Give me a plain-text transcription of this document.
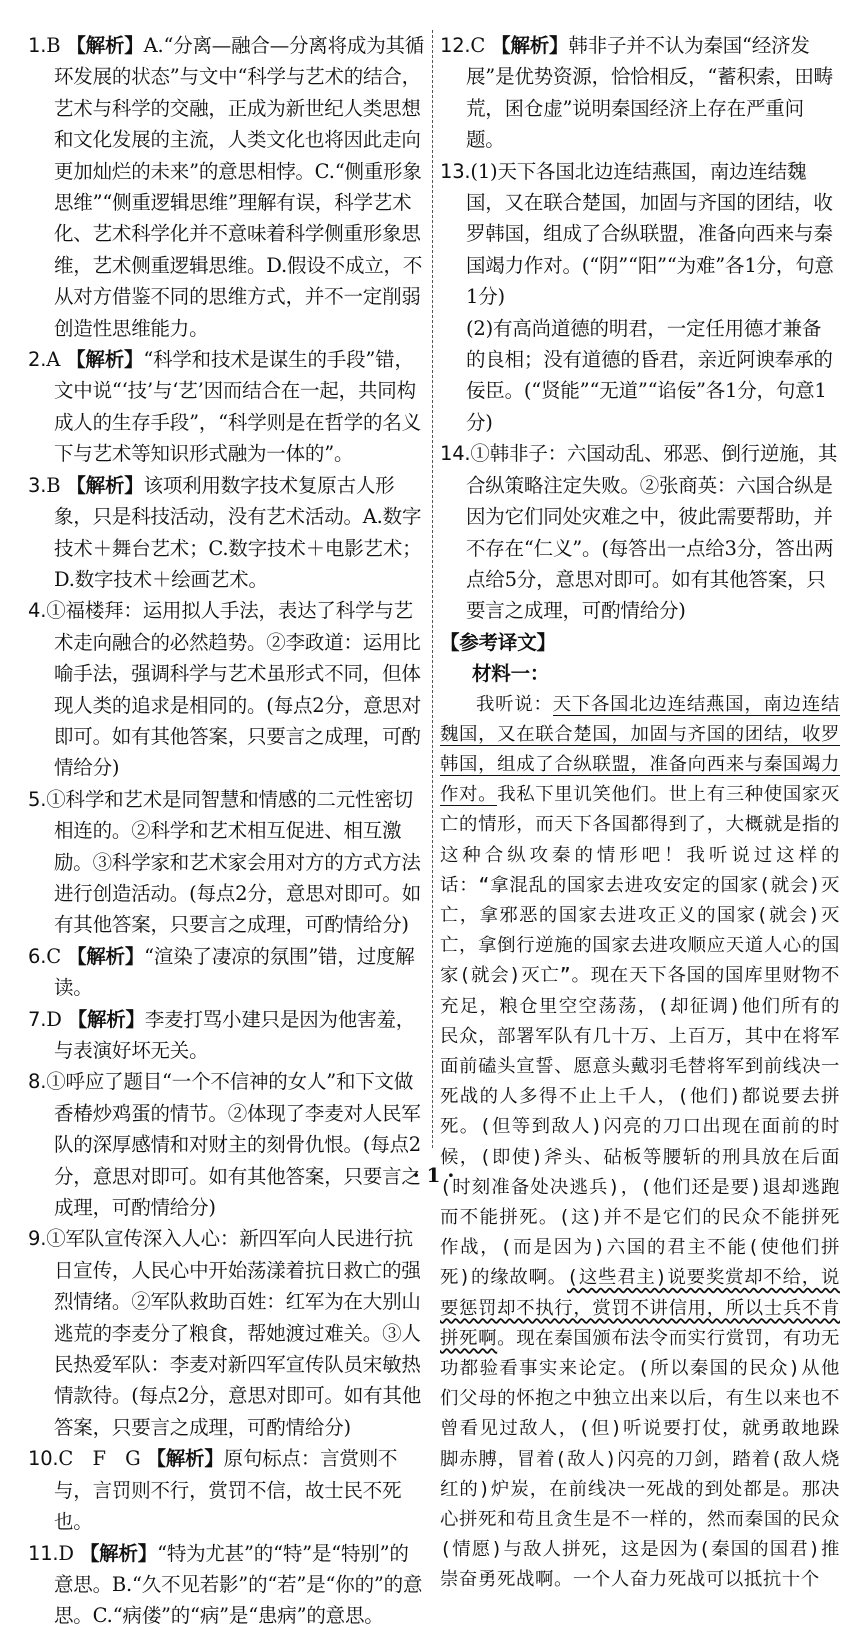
1.B 【解析】A.“分离—融合—分离将成为其循环发展的状态”与文中“科学与艺术的结合，艺术与科学的交融，正成为新世纪人类思想和文化发展的主流，人类文化也将因此走向更加灿烂的未来”的意思相悖。C.“侧重形象思维”“侧重逻辑思维”理解有误，科学艺术化、艺术科学化并不意味着科学侧重形象思维，艺术侧重逻辑思维。D.假设不成立，不从对方借鉴不同的思维方式，并不一定削弱创造性思维能力。

2.A 【解析】“科学和技术是谋生的手段”错，文中说“‘技’与‘艺’因而结合在一起，共同构成人的生存手段”，“科学则是在哲学的名义下与艺术等知识形式融为一体的”。

3.B 【解析】该项利用数字技术复原古人形象，只是科技活动，没有艺术活动。A.数字技术＋舞台艺术；C.数字技术＋电影艺术；D.数字技术＋绘画艺术。

4.①福楼拜：运用拟人手法，表达了科学与艺术走向融合的必然趋势。②李政道：运用比喻手法，强调科学与艺术虽形式不同，但体现人类的追求是相同的。(每点2分，意思对即可。如有其他答案，只要言之成理，可酌情给分)

5.①科学和艺术是同智慧和情感的二元性密切相连的。②科学和艺术相互促进、相互激励。③科学家和艺术家会用对方的方式方法进行创造活动。(每点2分，意思对即可。如有其他答案，只要言之成理，可酌情给分)

6.C 【解析】“渲染了凄凉的氛围”错，过度解读。

7.D 【解析】李麦打骂小建只是因为他害羞，与表演好坏无关。

8.①呼应了题目“一个不信神的女人”和下文做香椿炒鸡蛋的情节。②体现了李麦对人民军队的深厚感情和对财主的刻骨仇恨。(每点2分，意思对即可。如有其他答案，只要言之成理，可酌情给分)

9.①军队宣传深入人心：新四军向人民进行抗日宣传，人民心中开始荡漾着抗日救亡的强烈情绪。②军队救助百姓：红军为在大别山逃荒的李麦分了粮食，帮她渡过难关。③人民热爱军队：李麦对新四军宣传队员宋敏热情款待。(每点2分，意思对即可。如有其他答案，只要言之成理，可酌情给分)

10.C　F　G 【解析】原句标点：言赏则不与，言罚则不行，赏罚不信，故士民不死也。

11.D 【解析】“特为尤甚”的“特”是“特别”的意思。B.“久不见若影”的“若”是“你的”的意思。C.“病偻”的“病”是“患病”的意思。

12.C 【解析】韩非子并不认为秦国“经济发展”是优势资源，恰恰相反，“蓄积索，田畴荒，囷仓虚”说明秦国经济上存在严重问题。

13.(1)天下各国北边连结燕国，南边连结魏国，又在联合楚国，加固与齐国的团结，收罗韩国，组成了合纵联盟，准备向西来与秦国竭力作对。(“阴”“阳”“为难”各1分，句意1分)

(2)有高尚道德的明君，一定任用德才兼备的良相；没有道德的昏君，亲近阿谀奉承的佞臣。(“贤能”“无道”“谄佞”各1分，句意1分)

14.①韩非子：六国动乱、邪恶、倒行逆施，其合纵策略注定失败。②张商英：六国合纵是因为它们同处灾难之中，彼此需要帮助，并不存在“仁义”。(每答出一点给3分，答出两点给5分，意思对即可。如有其他答案，只要言之成理，可酌情给分)

【参考译文】

材料一：

我听说：天下各国北边连结燕国，南边连结魏国，又在联合楚国，加固与齐国的团结，收罗韩国，组成了合纵联盟，准备向西来与秦国竭力作对。我私下里讥笑他们。世上有三种使国家灭亡的情形，而天下各国都得到了，大概就是指的这种合纵攻秦的情形吧！我听说过这样的话：“拿混乱的国家去进攻安定的国家(就会)灭亡，拿邪恶的国家去进攻正义的国家(就会)灭亡，拿倒行逆施的国家去进攻顺应天道人心的国家(就会)灭亡”。现在天下各国的国库里财物不充足，粮仓里空空荡荡，(却征调)他们所有的民众，部署军队有几十万、上百万，其中在将军面前磕头宣誓、愿意头戴羽毛替将军到前线决一死战的人多得不止上千人，(他们)都说要去拼死。(但等到敌人)闪亮的刀口出现在面前的时候，(即使)斧头、砧板等腰斩的刑具放在后面(时刻准备处决逃兵)，(他们还是要)退却逃跑而不能拼死。(这)并不是它们的民众不能拼死作战，(而是因为)六国的君主不能(使他们拼死)的缘故啊。(这些君主)说要奖赏却不给，说要惩罚却不执行，赏罚不讲信用，所以士兵不肯拼死啊。现在秦国颁布法令而实行赏罚，有功无功都验看事实来论定。(所以秦国的民众)从他们父母的怀抱之中独立出来以后，有生以来也不曾看见过敌人，(但)听说要打仗，就勇敢地跺脚赤膊，冒着(敌人)闪亮的刀剑，踏着(敌人烧红的)炉炭，在前线决一死战的到处都是。那决心拼死和苟且贪生是不一样的，然而秦国的民众(情愿)与敌人拼死，这是因为(秦国的国君)推崇奋勇死战啊。一个人奋力死战可以抵抗十个

· 1 ·
